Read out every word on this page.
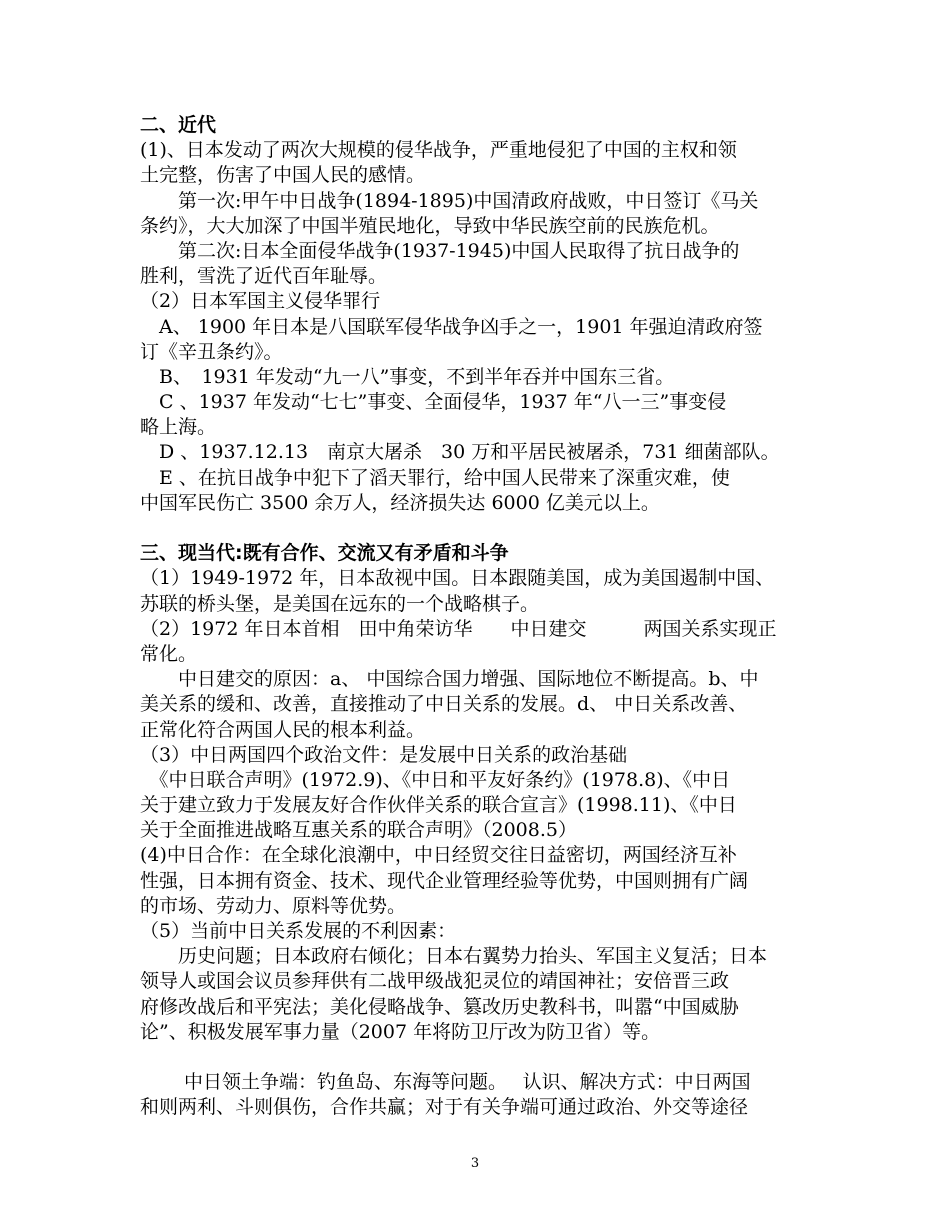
二、近代
(1)、日本发动了两次大规模的侵华战争，严重地侵犯了中国的主权和领
土完整，伤害了中国人民的感情。
　　第一次:甲午中日战争(1894-1895)中国清政府战败，中日签订《马关
条约》，大大加深了中国半殖民地化，导致中华民族空前的民族危机。
　　第二次:日本全面侵华战争(1937-1945)中国人民取得了抗日战争的
胜利，雪洗了近代百年耻辱。
（2）日本军国主义侵华罪行
　A、 1900 年日本是八国联军侵华战争凶手之一，1901 年强迫清政府签
订《辛丑条约》。
　B、　1931 年发动“九一八”事变，不到半年吞并中国东三省。
　C 、1937 年发动“七七”事变、全面侵华，1937 年“八一三”事变侵
略上海。
　D 、1937.12.13　南京大屠杀　30 万和平居民被屠杀，731 细菌部队。
　E 、在抗日战争中犯下了滔天罪行，给中国人民带来了深重灾难，使
中国军民伤亡 3500 余万人，经济损失达 6000 亿美元以上。
三、现当代:既有合作、交流又有矛盾和斗争
（1）1949-1972 年，日本敌视中国。日本跟随美国，成为美国遏制中国、
苏联的桥头堡，是美国在远东的一个战略棋子。
（2）1972 年日本首相　田中角荣访华　　中日建交　　　两国关系实现正
常化。
　　中日建交的原因：a、 中国综合国力增强、国际地位不断提高。b、中
美关系的缓和、改善，直接推动了中日关系的发展。d、 中日关系改善、
正常化符合两国人民的根本利益。
（3）中日两国四个政治文件：是发展中日关系的政治基础
　《中日联合声明》(1972.9)、《中日和平友好条约》(1978.8)、《中日
关于建立致力于发展友好合作伙伴关系的联合宣言》(1998.11)、《中日
关于全面推进战略互惠关系的联合声明》（2008.5）
(4)中日合作：在全球化浪潮中，中日经贸交往日益密切，两国经济互补
性强，日本拥有资金、技术、现代企业管理经验等优势，中国则拥有广阔
的市场、劳动力、原料等优势。
（5）当前中日关系发展的不利因素：
　　历史问题；日本政府右倾化；日本右翼势力抬头、军国主义复活；日本
领导人或国会议员参拜供有二战甲级战犯灵位的靖国神社；安倍晋三政
府修改战后和平宪法；美化侵略战争、篡改历史教科书，叫嚣“中国威胁
论”、积极发展军事力量（2007 年将防卫厅改为防卫省）等。
　　 中日领土争端：钓鱼岛、东海等问题。　 认识、解决方式：中日两国
和则两利、斗则俱伤，合作共赢；对于有关争端可通过政治、外交等途径
3
